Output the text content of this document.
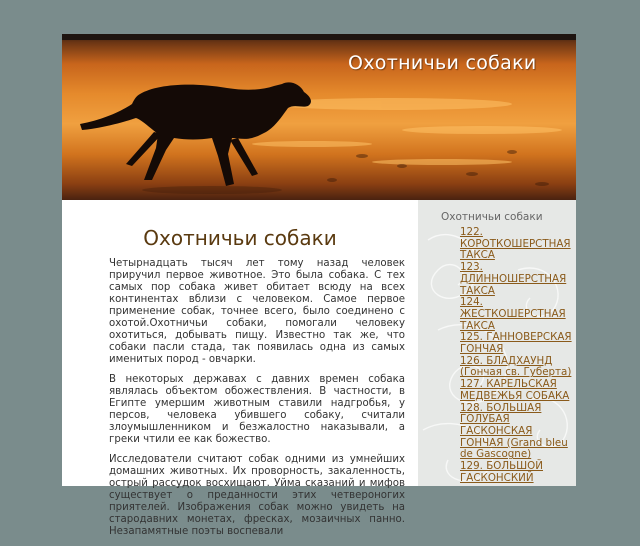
Охотничьи собаки
Охотничьи собаки

Четырнадцать тысяч лет тому назад человек приручил первое животное. Это была собака. С тех самых пор собака живет обитает всюду на всех континентах вблизи с человеком. Самое первое применение собак, точнее всего, было соединено с охотой.Охотничьи собаки, помогали человеку охотиться, добывать пищу. Известно так же, что собаки пасли стада, так появилась одна из самых именитых пород - овчарки.

В некоторых державах с давних времен собака являлась объектом обожествления. В частности, в Египте умершим животным ставили надгробья, у персов, человека убившего собаку, считали злоумышленником и безжалостно наказывали, а греки чтили ее как божество.

Исследователи считают собак одними из умнейших домашних животных. Их проворность, закаленность, острый рассудок восхищают. Уйма сказаний и мифов существует о преданности этих четвероногих приятелей. Изображения собак можно увидеть на стародавних монетах, фресках, мозаичных панно. Незапамятные поэты воспевали

Охотничьи собаки
122. КОРОТКОШЕРСТНАЯ ТАКСА
123. ДЛИННОШЕРСТНАЯ ТАКСА
124. ЖЕСТКОШЕРСТНАЯ ТАКСА
125. ГАННОВЕРСКАЯ ГОНЧАЯ
126. БЛАДХАУНД (Гончая св. Губерта)
127. КАРЕЛЬСКАЯ МЕДВЕЖЬЯ СОБАКА
128. БОЛЬШАЯ ГОЛУБАЯ ГАСКОНСКАЯ ГОНЧАЯ (Grand bleu de Gascogne)
129. БОЛЬШОЙ ГАСКОНСКИЙ
